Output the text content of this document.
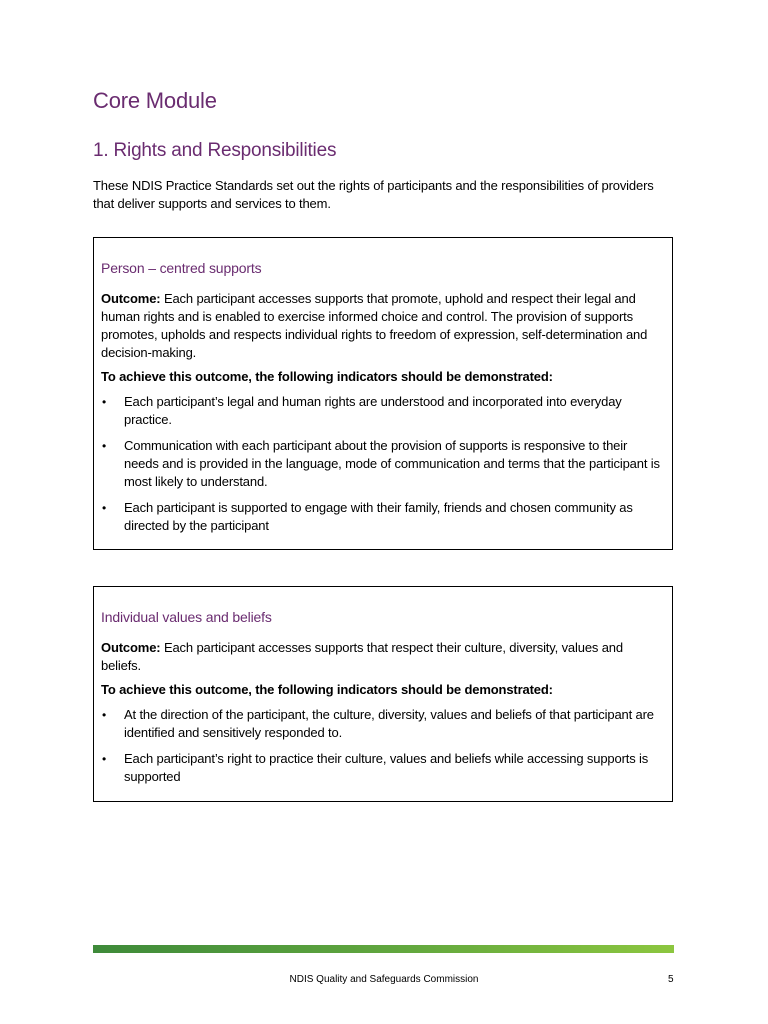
Core Module
1. Rights and Responsibilities

These NDIS Practice Standards set out the rights of participants and the responsibilities of providers that deliver supports and services to them.

Person – centred supports

Outcome: Each participant accesses supports that promote, uphold and respect their legal and human rights and is enabled to exercise informed choice and control. The provision of supports promotes, upholds and respects individual rights to freedom of expression, self-determination and decision-making.

To achieve this outcome, the following indicators should be demonstrated:

• Each participant’s legal and human rights are understood and incorporated into everyday practice.
• Communication with each participant about the provision of supports is responsive to their needs and is provided in the language, mode of communication and terms that the participant is most likely to understand.
• Each participant is supported to engage with their family, friends and chosen community as directed by the participant
Individual values and beliefs

Outcome: Each participant accesses supports that respect their culture, diversity, values and beliefs.

To achieve this outcome, the following indicators should be demonstrated:

• At the direction of the participant, the culture, diversity, values and beliefs of that participant are identified and sensitively responded to.
• Each participant’s right to practice their culture, values and beliefs while accessing supports is supported
NDIS Quality and Safeguards Commission	5
